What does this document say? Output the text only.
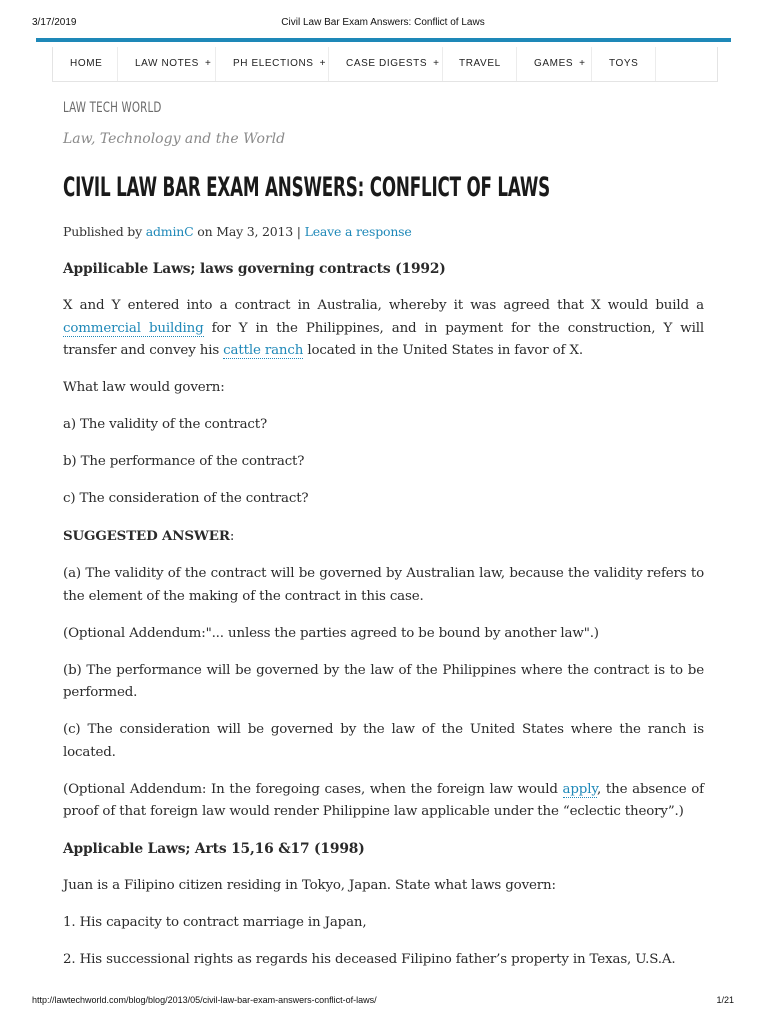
3/17/2019	Civil Law Bar Exam Answers: Conflict of Laws
HOME	LAW NOTES + PH ELECTIONS + CASE DIGESTS + TRAVEL	GAMES + TOYS
LAW TECH WORLD
Law, Technology and the World
CIVIL LAW BAR EXAM ANSWERS: CONFLICT OF LAWS
Published by adminC on May 3, 2013 | Leave a response

Appilicable Laws; laws governing contracts (1992)

X and Y entered into a contract in Australia, whereby it was agreed that X would build a commercial building for Y in the Philippines, and in payment for the construction, Y will transfer and convey his cattle ranch located in the United States in favor of X.

What law would govern:

a) The validity of the contract?

b) The performance of the contract?

c) The consideration of the contract?

SUGGESTED ANSWER:

(a) The validity of the contract will be governed by Australian law, because the validity refers to the element of the making of the contract in this case.

(Optional Addendum:"... unless the parties agreed to be bound by another law".)

(b) The performance will be governed by the law of the Philippines where the contract is to be performed.

(c) The consideration will be governed by the law of the United States where the ranch is located.

(Optional Addendum: In the foregoing cases, when the foreign law would apply, the absence of proof of that foreign law would render Philippine law applicable under the “eclectic theory”.)

Applicable Laws; Arts 15,16 &17 (1998)

Juan is a Filipino citizen residing in Tokyo, Japan. State what laws govern:

1. His capacity to contract marriage in Japan,

2. His successional rights as regards his deceased Filipino father’s property in Texas, U.S.A.

http://lawtechworld.com/blog/blog/2013/05/civil-law-bar-exam-answers-conflict-of-laws/	1/21
